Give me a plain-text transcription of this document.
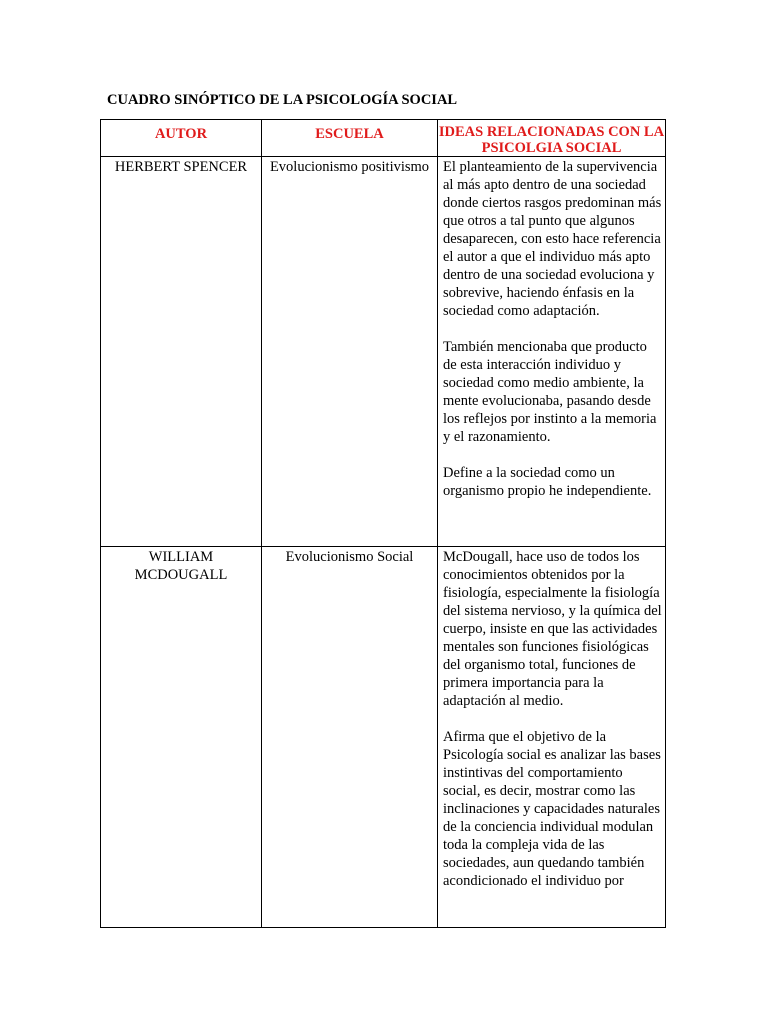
CUADRO SINÓPTICO DE LA PSICOLOGÍA SOCIAL
AUTOR	ESCUELA	IDEAS RELACIONADAS CON LA PSICOLGIA SOCIAL
HERBERT SPENCER	Evolucionismo positivismo	El planteamiento de la supervivencia al más apto dentro de una sociedad donde ciertos rasgos predominan más que otros a tal punto que algunos desaparecen, con esto hace referencia el autor a que el individuo más apto dentro de una sociedad evoluciona y sobrevive, haciendo énfasis en la sociedad como adaptación.

También mencionaba que producto de esta interacción individuo y sociedad como medio ambiente, la mente evolucionaba, pasando desde los reflejos por instinto a la memoria y el razonamiento.

Define a la sociedad como un organismo propio he independiente.

WILLIAM MCDOUGALL	Evolucionismo Social	McDougall, hace uso de todos los conocimientos obtenidos por la fisiología, especialmente la fisiología del sistema nervioso, y la química del cuerpo, insiste en que las actividades mentales son funciones fisiológicas del organismo total, funciones de primera importancia para la adaptación al medio.

Afirma que el objetivo de la Psicología social es analizar las bases instintivas del comportamiento social, es decir, mostrar como las inclinaciones y capacidades naturales de la conciencia individual modulan toda la compleja vida de las sociedades, aun quedando también acondicionado el individuo por
